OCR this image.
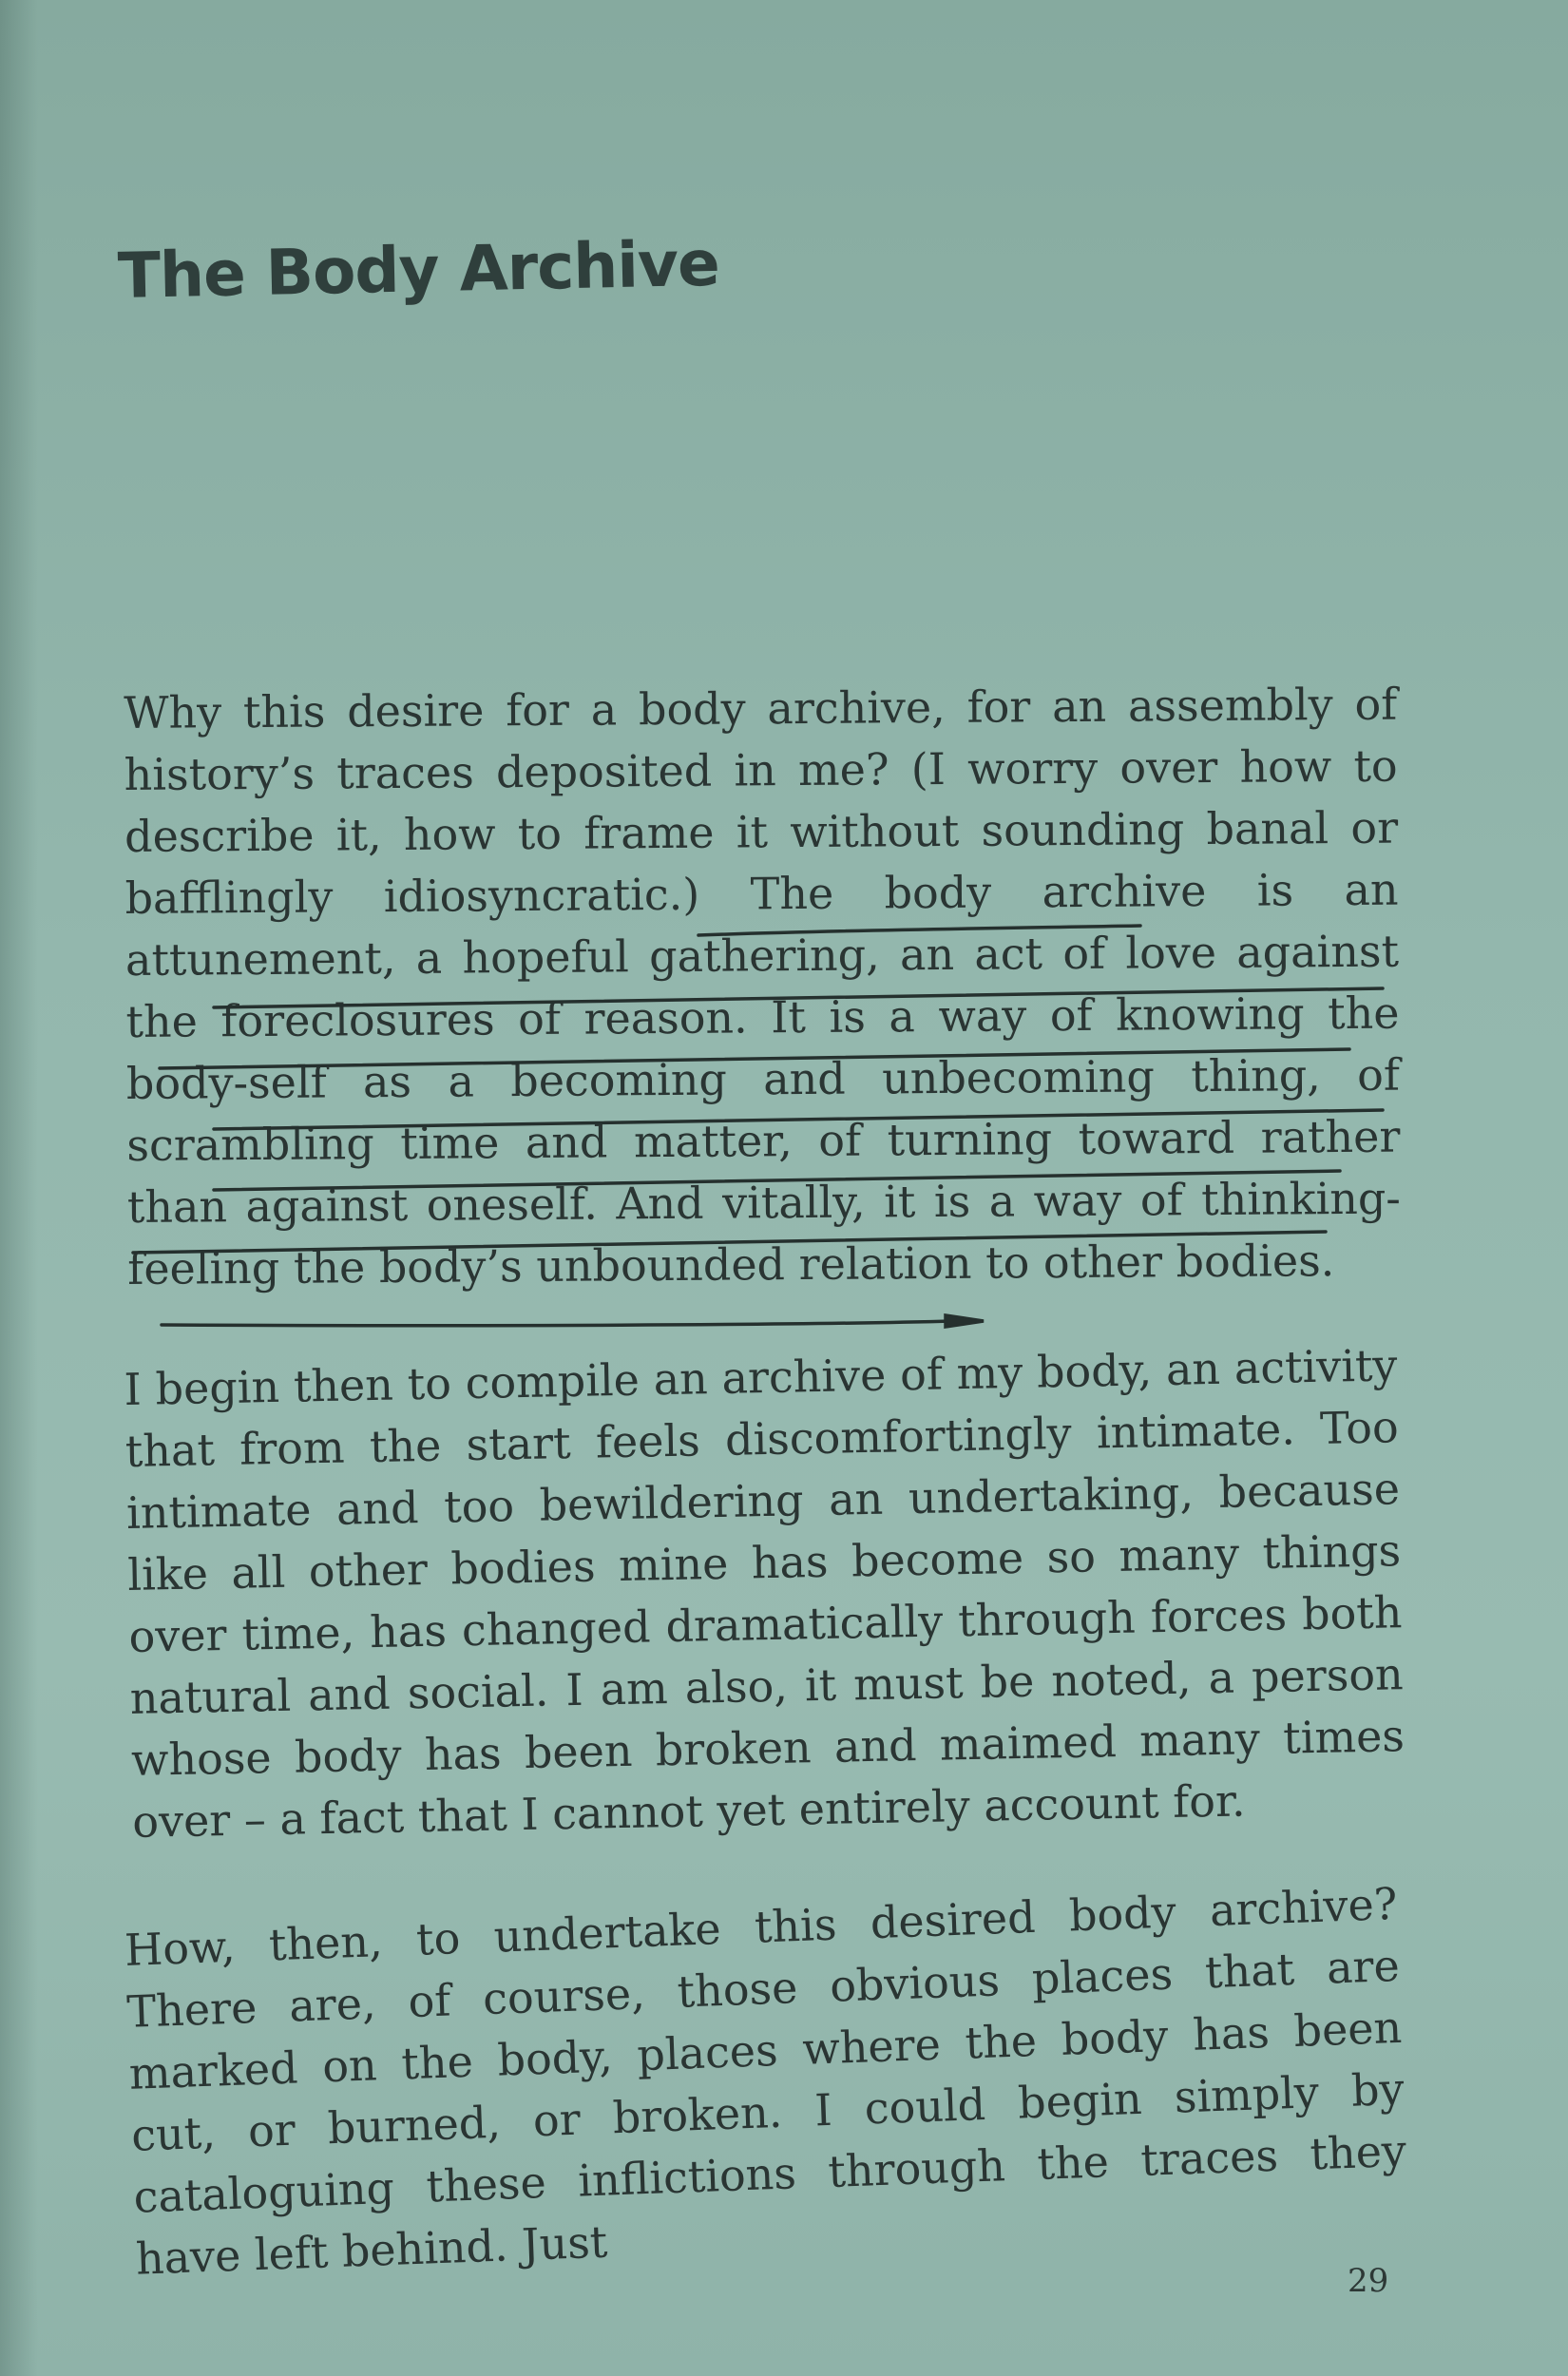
The Body Archive

Why this desire for a body archive, for an assembly of history’s traces deposited in me? (I worry over how to describe it, how to frame it without sounding banal or bafflingly idiosyncratic.) The body archive is an attunement, a hopeful gathering, an act of love against the foreclosures of reason. It is a way of knowing the body-self as a becoming and unbecoming thing, of scrambling time and matter, of turning toward rather than against oneself. And vitally, it is a way of thinking-feeling the body’s unbounded relation to other bodies.

I begin then to compile an archive of my body, an activity that from the start feels discomfortingly intimate. Too intimate and too bewildering an undertaking, because like all other bodies mine has become so many things over time, has changed dramatically through forces both natural and social. I am also, it must be noted, a person whose body has been broken and maimed many times over – a fact that I cannot yet entirely account for.

How, then, to undertake this desired body archive? There are, of course, those obvious places that are marked on the body, places where the body has been cut, or burned, or broken. I could begin simply by cataloguing these inflictions through the traces they have left behind. Just	29
